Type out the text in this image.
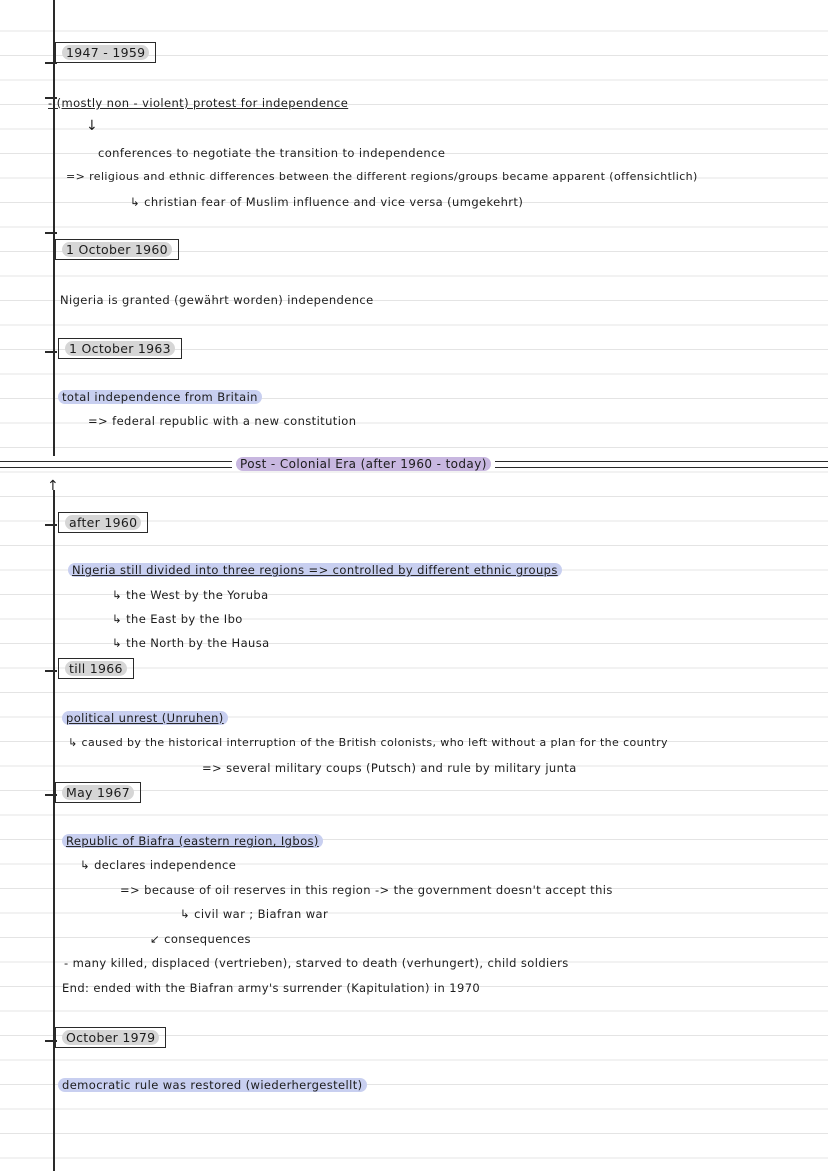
1947 - 1959
- (mostly non - violent) protest for independence
↓
conferences to negotiate the transition to independence
=> religious and ethnic differences between the different regions/groups became apparent (offensichtlich)
↳ christian fear of Muslim influence and vice versa (umgekehrt)
1 October 1960
Nigeria is granted (gewährt worden) independence
1 October 1963
total independence from Britain
=> federal republic with a new constitution
Post - Colonial Era (after 1960 - today)
↑
after 1960
Nigeria still divided into three regions => controlled by different ethnic groups
↳ the West by the Yoruba
↳ the East by the Ibo
↳ the North by the Hausa
till 1966
political unrest (Unruhen)
↳ caused by the historical interruption of the British colonists, who left without a plan for the country
=> several military coups (Putsch) and rule by military junta
May 1967
Republic of Biafra (eastern region, Igbos)
↳ declares independence
=> because of oil reserves in this region -> the government doesn't accept this
↳ civil war ; Biafran war
↙ consequences
- many killed, displaced (vertrieben), starved to death (verhungert), child soldiers
End: ended with the Biafran army's surrender (Kapitulation) in 1970
October 1979
democratic rule was restored (wiederhergestellt)
